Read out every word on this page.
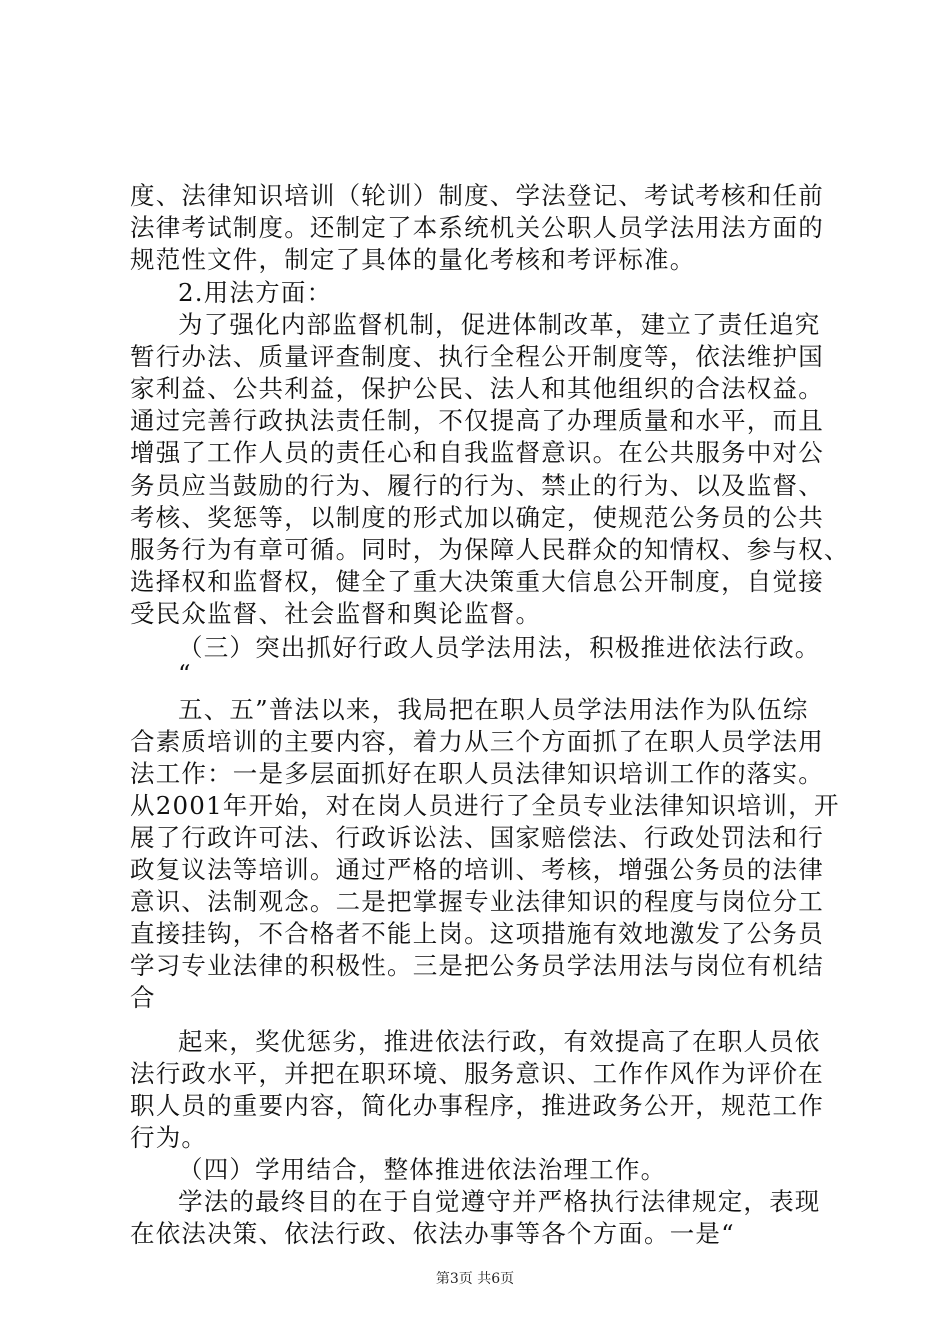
度、法律知识培训（轮训）制度、学法登记、考试考核和任前
法律考试制度。还制定了本系统机关公职人员学法用法方面的
规范性文件，制定了具体的量化考核和考评标准。
2.用法方面：
为了强化内部监督机制，促进体制改革，建立了责任追究
暂行办法、质量评查制度、执行全程公开制度等，依法维护国
家利益、公共利益，保护公民、法人和其他组织的合法权益。
通过完善行政执法责任制，不仅提高了办理质量和水平，而且
增强了工作人员的责任心和自我监督意识。在公共服务中对公
务员应当鼓励的行为、履行的行为、禁止的行为、以及监督、
考核、奖惩等，以制度的形式加以确定，使规范公务员的公共
服务行为有章可循。同时，为保障人民群众的知情权、参与权、
选择权和监督权，健全了重大决策重大信息公开制度，自觉接
受民众监督、社会监督和舆论监督。
（三）突出抓好行政人员学法用法，积极推进依法行政。
“
五、五”普法以来，我局把在职人员学法用法作为队伍综
合素质培训的主要内容，着力从三个方面抓了在职人员学法用
法工作：一是多层面抓好在职人员法律知识培训工作的落实。
从2001年开始，对在岗人员进行了全员专业法律知识培训，开
展了行政许可法、行政诉讼法、国家赔偿法、行政处罚法和行
政复议法等培训。通过严格的培训、考核，增强公务员的法律
意识、法制观念。二是把掌握专业法律知识的程度与岗位分工
直接挂钩，不合格者不能上岗。这项措施有效地激发了公务员
学习专业法律的积极性。三是把公务员学法用法与岗位有机结
合
起来，奖优惩劣，推进依法行政，有效提高了在职人员依
法行政水平，并把在职环境、服务意识、工作作风作为评价在
职人员的重要内容，简化办事程序，推进政务公开，规范工作
行为。
（四）学用结合，整体推进依法治理工作。
学法的最终目的在于自觉遵守并严格执行法律规定，表现
在依法决策、依法行政、依法办事等各个方面。一是“
第3页 共6页
